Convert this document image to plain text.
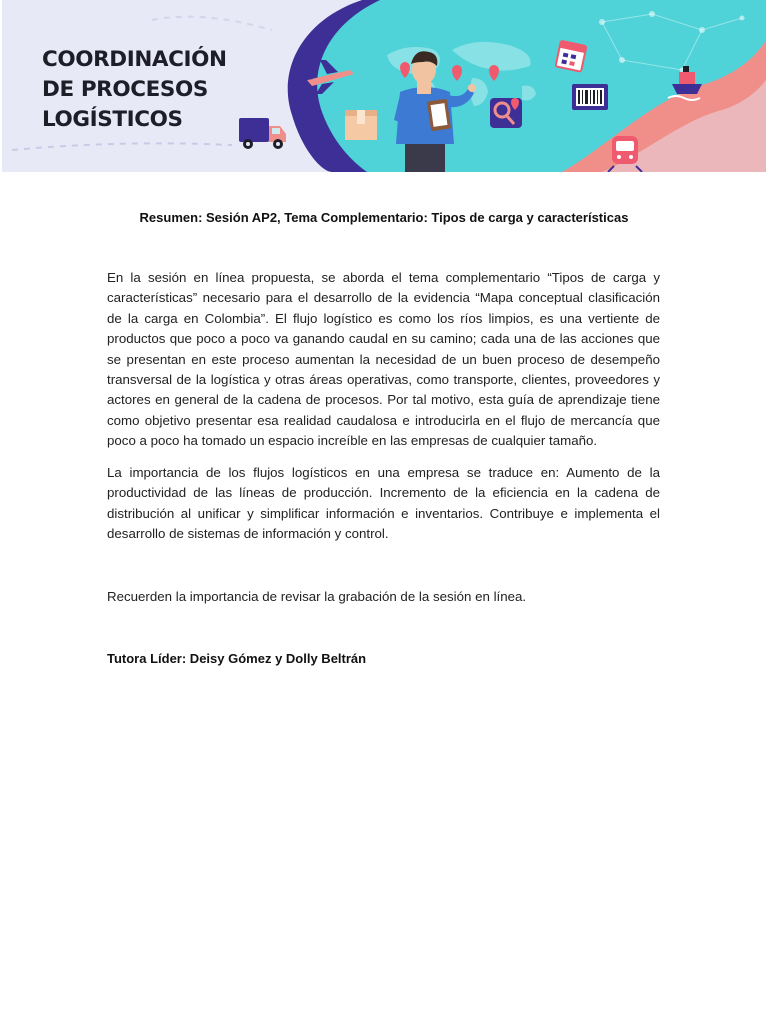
COORDINACIÓN
DE PROCESOS
LOGÍSTICOS
Resumen: Sesión AP2, Tema Complementario: Tipos de carga y características

En la sesión en línea propuesta, se aborda el tema complementario “Tipos de carga y características” necesario para el desarrollo de la evidencia “Mapa conceptual clasificación de la carga en Colombia”. El flujo logístico es como los ríos limpios, es una vertiente de productos que poco a poco va ganando caudal en su camino; cada una de las acciones que se presentan en este proceso aumentan la necesidad de un buen proceso de desempeño transversal de la logística y otras áreas operativas, como transporte, clientes, proveedores y actores en general de la cadena de procesos. Por tal motivo, esta guía de aprendizaje tiene como objetivo presentar esa realidad caudalosa e introducirla en el flujo de mercancía que poco a poco ha tomado un espacio increíble en las empresas de cualquier tamaño.

La importancia de los flujos logísticos en una empresa se traduce en: Aumento de la productividad de las líneas de producción. Incremento de la eficiencia en la cadena de distribución al unificar y simplificar información e inventarios. Contribuye e implementa el desarrollo de sistemas de información y control.

Recuerden la importancia de revisar la grabación de la sesión en línea.

Tutora Líder: Deisy Gómez y Dolly Beltrán
